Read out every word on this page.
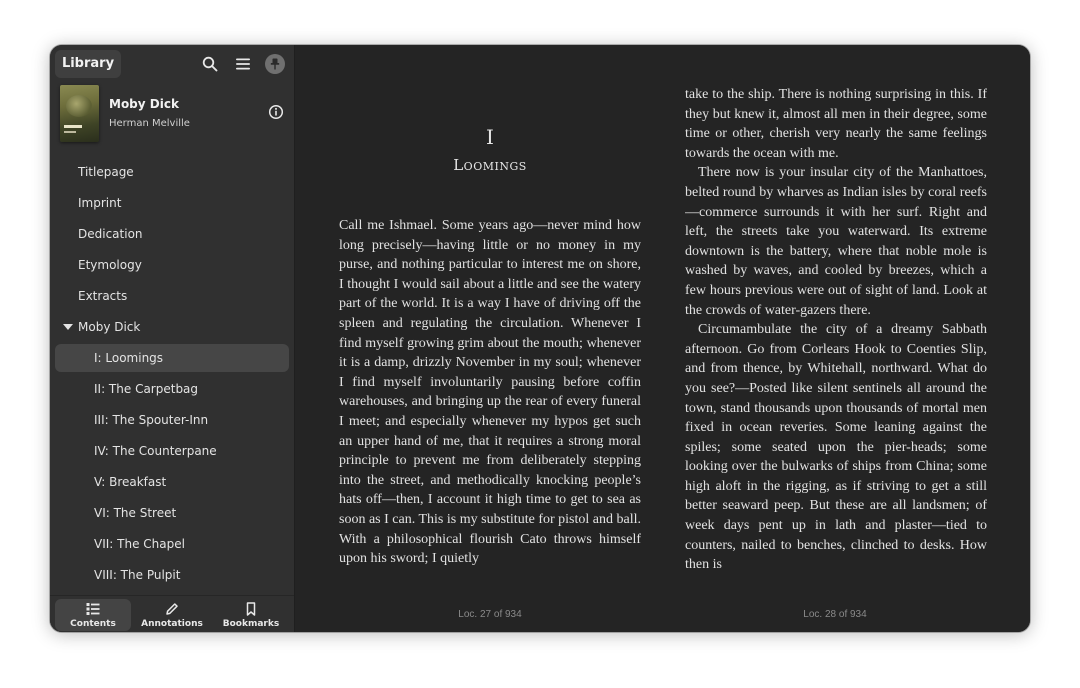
Library
Moby Dick
Herman Melville
Titlepage
Imprint
Dedication
Etymology
Extracts
Moby Dick
I: Loomings
II: The Carpetbag
III: The Spouter-Inn
IV: The Counterpane
V: Breakfast
VI: The Street
VII: The Chapel
VIII: The Pulpit
Contents	Annotations	Bookmarks
I
Loomings

Call me Ishmael. Some years ago—never mind how long precisely—having little or no money in my purse, and nothing particular to interest me on shore, I thought I would sail about a little and see the watery part of the world. It is a way I have of driving off the spleen and regulating the circulation. Whenever I find myself growing grim about the mouth; whenever it is a damp, drizzly November in my soul; whenever I find myself involuntarily pausing before coffin warehouses, and bringing up the rear of every funeral I meet; and especially whenever my hypos get such an upper hand of me, that it requires a strong moral principle to prevent me from deliberately stepping into the street, and methodically knocking people’s hats off—then, I account it high time to get to sea as soon as I can. This is my substitute for pistol and ball. With a philosophical flourish Cato throws himself upon his sword; I quietly

take to the ship. There is nothing surprising in this. If they but knew it, almost all men in their degree, some time or other, cherish very nearly the same feelings towards the ocean with me.

There now is your insular city of the Manhattoes, belted round by wharves as Indian isles by coral reefs—commerce surrounds it with her surf. Right and left, the streets take you waterward. Its extreme downtown is the battery, where that noble mole is washed by waves, and cooled by breezes, which a few hours previous were out of sight of land. Look at the crowds of water-gazers there.

Circumambulate the city of a dreamy Sabbath afternoon. Go from Corlears Hook to Coenties Slip, and from thence, by Whitehall, northward. What do you see?—Posted like silent sentinels all around the town, stand thousands upon thousands of mortal men fixed in ocean reveries. Some leaning against the spiles; some seated upon the pier-heads; some looking over the bulwarks of ships from China; some high aloft in the rigging, as if striving to get a still better seaward peep. But these are all landsmen; of week days pent up in lath and plaster—tied to counters, nailed to benches, clinched to desks. How then is

Loc. 27 of 934	Loc. 28 of 934
